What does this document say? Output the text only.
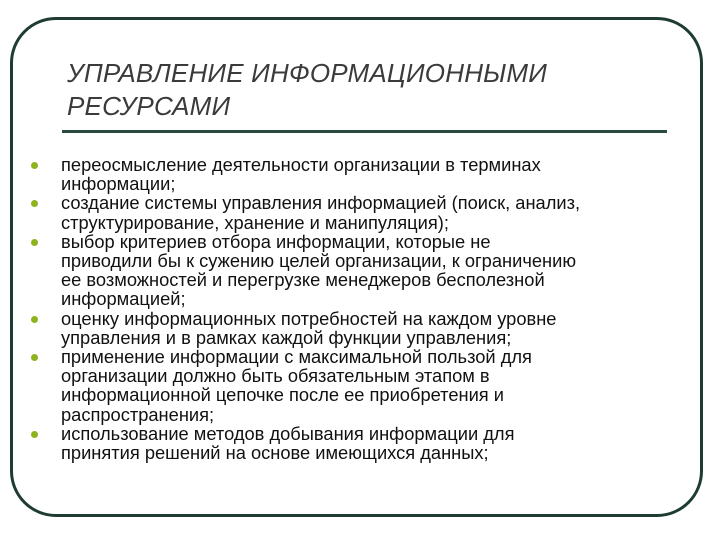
УПРАВЛЕНИЕ ИНФОРМАЦИОННЫМИ
РЕСУРСАМИ
переосмысление деятельности организации в терминах
информации;
создание системы управления информацией (поиск, анализ,
структурирование, хранение и манипуляция);
выбор критериев отбора информации, которые не
приводили бы к сужению целей организации, к ограничению
ее возможностей и перегрузке менеджеров бесполезной
информацией;
оценку информационных потребностей на каждом уровне
управления и в рамках каждой функции управления;
применение информации с максимальной пользой для
организации должно быть обязательным этапом в
информационной цепочке после ее приобретения и
распространения;
использование методов добывания информации для
принятия решений на основе имеющихся данных;
